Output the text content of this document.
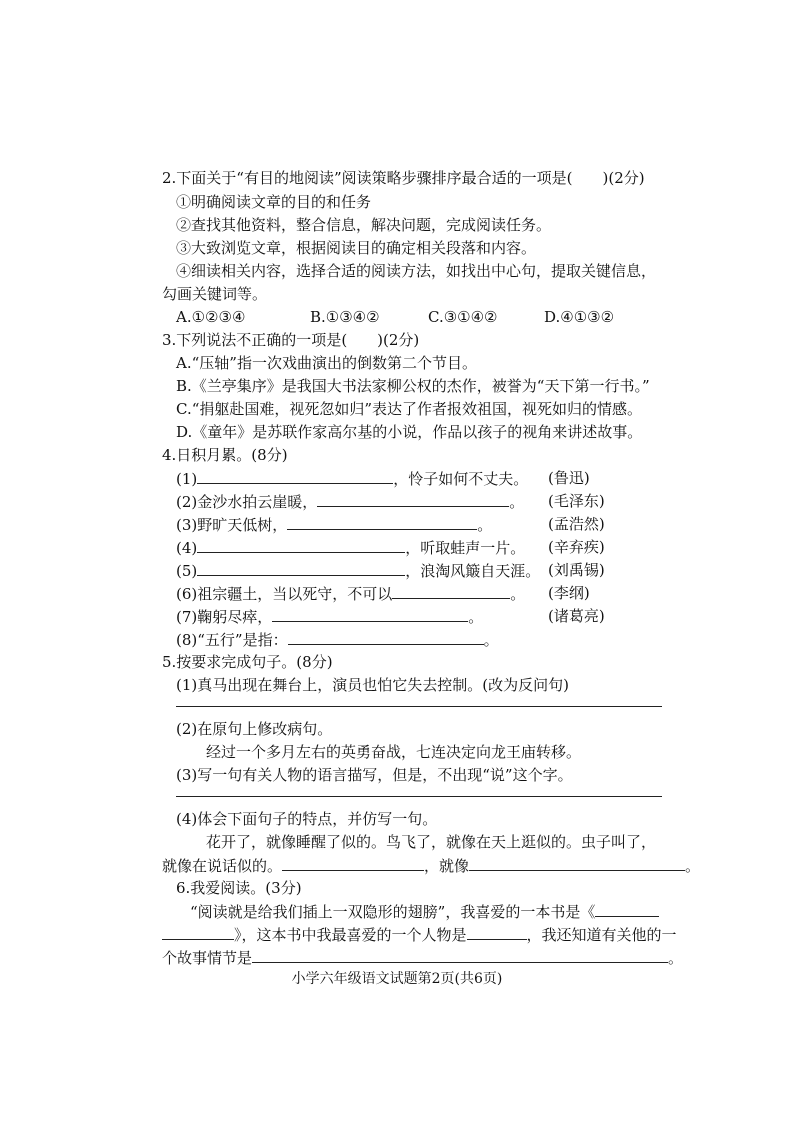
2.下面关于“有目的地阅读”阅读策略步骤排序最合适的一项是(　　)(2分)
①明确阅读文章的目的和任务
②查找其他资料，整合信息，解决问题，完成阅读任务。
③大致浏览文章，根据阅读目的确定相关段落和内容。
④细读相关内容，选择合适的阅读方法，如找出中心句，提取关键信息，
勾画关键词等。
A.①②③④	B.①③④②	C.③①④②	D.④①③②
3.下列说法不正确的一项是(　　)(2分)
A.“压轴”指一次戏曲演出的倒数第二个节目。
B.《兰亭集序》是我国大书法家柳公权的杰作，被誉为“天下第一行书。”
C.“捐躯赴国难，视死忽如归”表达了作者报效祖国，视死如归的情感。
D.《童年》是苏联作家高尔基的小说，作品以孩子的视角来讲述故事。
4.日积月累。(8分)
(1)	，怜子如何不丈夫。 (鲁迅)
(2)金沙水拍云崖暖，	。 (毛泽东)
(3)野旷天低树，	。	(孟浩然)
(4)	，听取蛙声一片。 (辛弃疾)
(5)	，浪淘风簸自天涯。 (刘禹锡)
(6)祖宗疆土，当以死守，不可以	。 (李纲)
(7)鞠躬尽瘁，	。	(诸葛亮)
(8)“五行”是指：	。
5.按要求完成句子。(8分)
(1)真马出现在舞台上，演员也怕它失去控制。(改为反问句)
(2)在原句上修改病句。
经过一个多月左右的英勇奋战，七连决定向龙王庙转移。
(3)写一句有关人物的语言描写，但是，不出现“说”这个字。
(4)体会下面句子的特点，并仿写一句。
花开了，就像睡醒了似的。鸟飞了，就像在天上逛似的。虫子叫了，
就像在说话似的。	，就像	。
6.我爱阅读。(3分)
“阅读就是给我们插上一双隐形的翅膀”，我喜爱的一本书是《
》，这本书中我最喜爱的一个人物是	，我还知道有关他的一
个故事情节是	。
小学六年级语文试题第2页(共6页)
